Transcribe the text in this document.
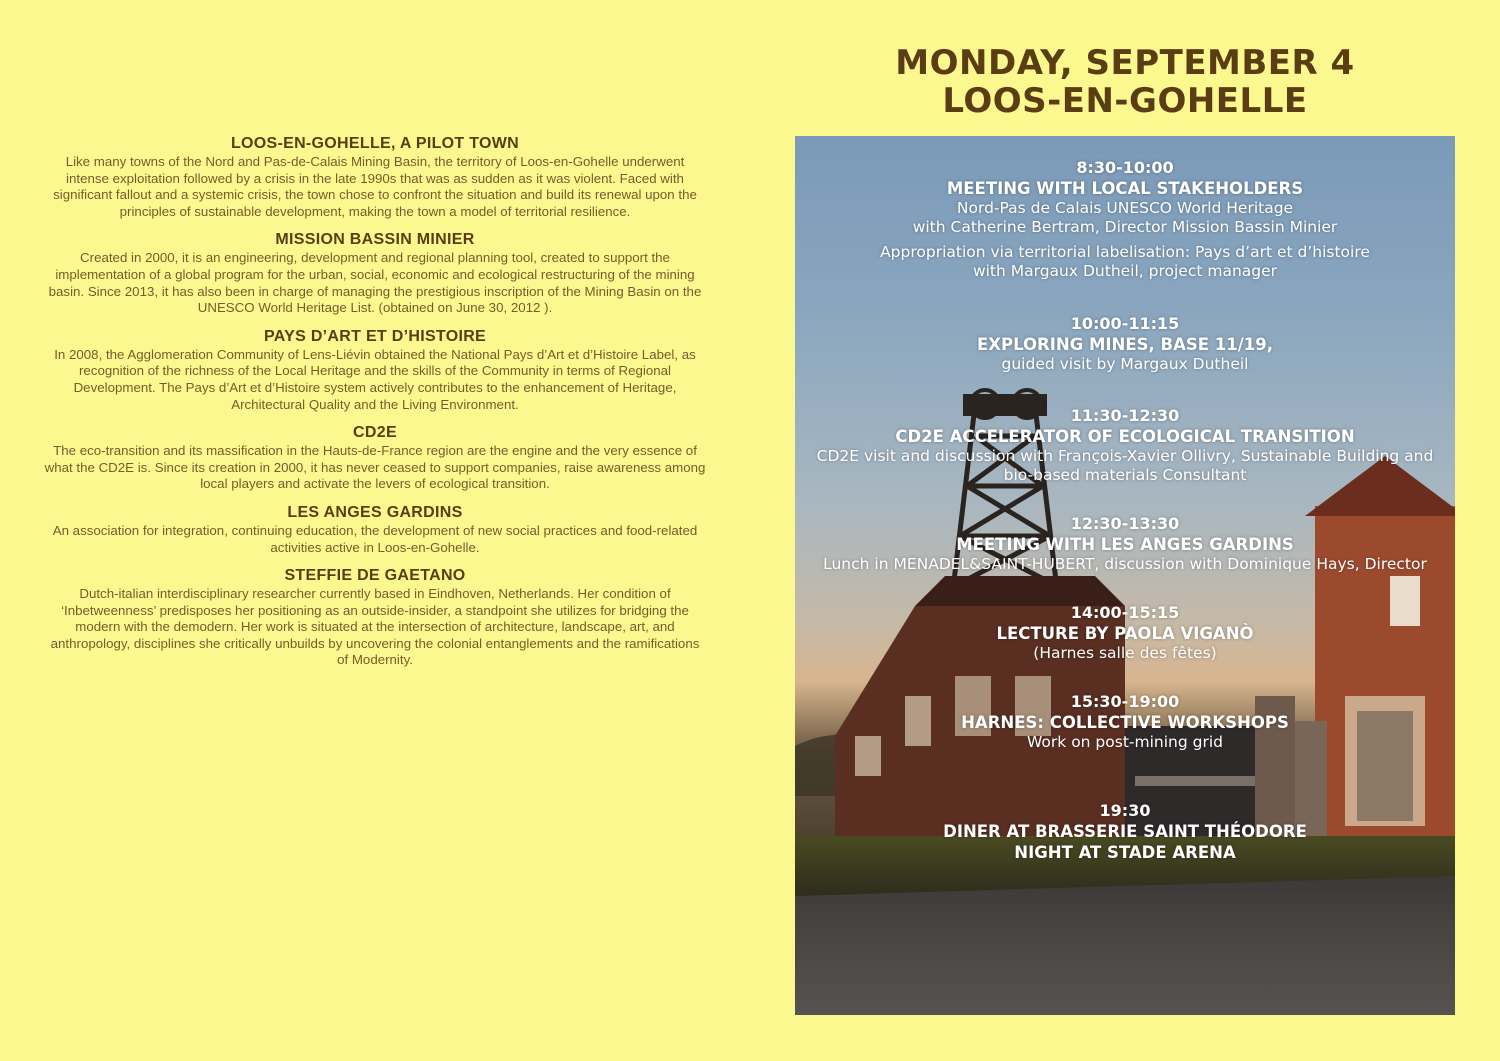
LOOS-EN-GOHELLE, A PILOT TOWN

Like many towns of the Nord and Pas-de-Calais Mining Basin, the territory of Loos-en-Gohelle underwent intense exploitation followed by a crisis in the late 1990s that was as sudden as it was violent. Faced with significant fallout and a systemic crisis, the town chose to confront the situation and build its renewal upon the principles of sustainable development, making the town a model of territorial resilience.

MISSION BASSIN MINIER

Created in 2000, it is an engineering, development and regional planning tool, created to support the implementation of a global program for the urban, social, economic and ecological restructuring of the mining basin. Since 2013, it has also been in charge of managing the prestigious inscription of the Mining Basin on the UNESCO World Heritage List. (obtained on June 30, 2012 ).

PAYS D’ART ET D’HISTOIRE

In 2008, the Agglomeration Community of Lens-Liévin obtained the National Pays d’Art et d’Histoire Label, as recognition of the richness of the Local Heritage and the skills of the Community in terms of Regional Development. The Pays d’Art et d’Histoire system actively contributes to the enhancement of Heritage, Architectural Quality and the Living Environment.

CD2E

The eco-transition and its massification in the Hauts-de-France region are the engine and the very essence of what the CD2E is. Since its creation in 2000, it has never ceased to support companies, raise awareness among local players and activate the levers of ecological transition.

LES ANGES GARDINS

An association for integration, continuing education, the development of new social practices and food-related activities active in Loos-en-Gohelle.

STEFFIE DE GAETANO

Dutch-italian interdisciplinary researcher currently based in Eindhoven, Netherlands. Her condition of ‘Inbetweenness’ predisposes her positioning as an outside-insider, a standpoint she utilizes for bridging the modern with the demodern. Her work is situated at the intersection of architecture, landscape, art, and anthropology, disciplines she critically unbuilds by uncovering the colonial entanglements and the ramifications of Modernity.

MONDAY, SEPTEMBER 4
LOOS-EN-GOHELLE
8:30-10:00
MEETING WITH LOCAL STAKEHOLDERS
Nord-Pas de Calais UNESCO World Heritage
with Catherine Bertram, Director Mission Bassin Minier
Appropriation via territorial labelisation: Pays d’art et d’histoire
with Margaux Dutheil, project manager
10:00-11:15
EXPLORING MINES, BASE 11/19,
guided visit by Margaux Dutheil
11:30-12:30
CD2E ACCELERATOR OF ECOLOGICAL TRANSITION
CD2E visit and discussion with François-Xavier Ollivry, Sustainable Building and
bio-based materials Consultant
12:30-13:30
MEETING WITH LES ANGES GARDINS
Lunch in MENADEL&SAINT-HUBERT, discussion with Dominique Hays, Director
14:00-15:15
LECTURE BY PAOLA VIGANÒ
(Harnes salle des fêtes)
15:30-19:00
HARNES: COLLECTIVE WORKSHOPS
Work on post-mining grid
19:30
DINER AT BRASSERIE SAINT THÉODORE
NIGHT AT STADE ARENA
